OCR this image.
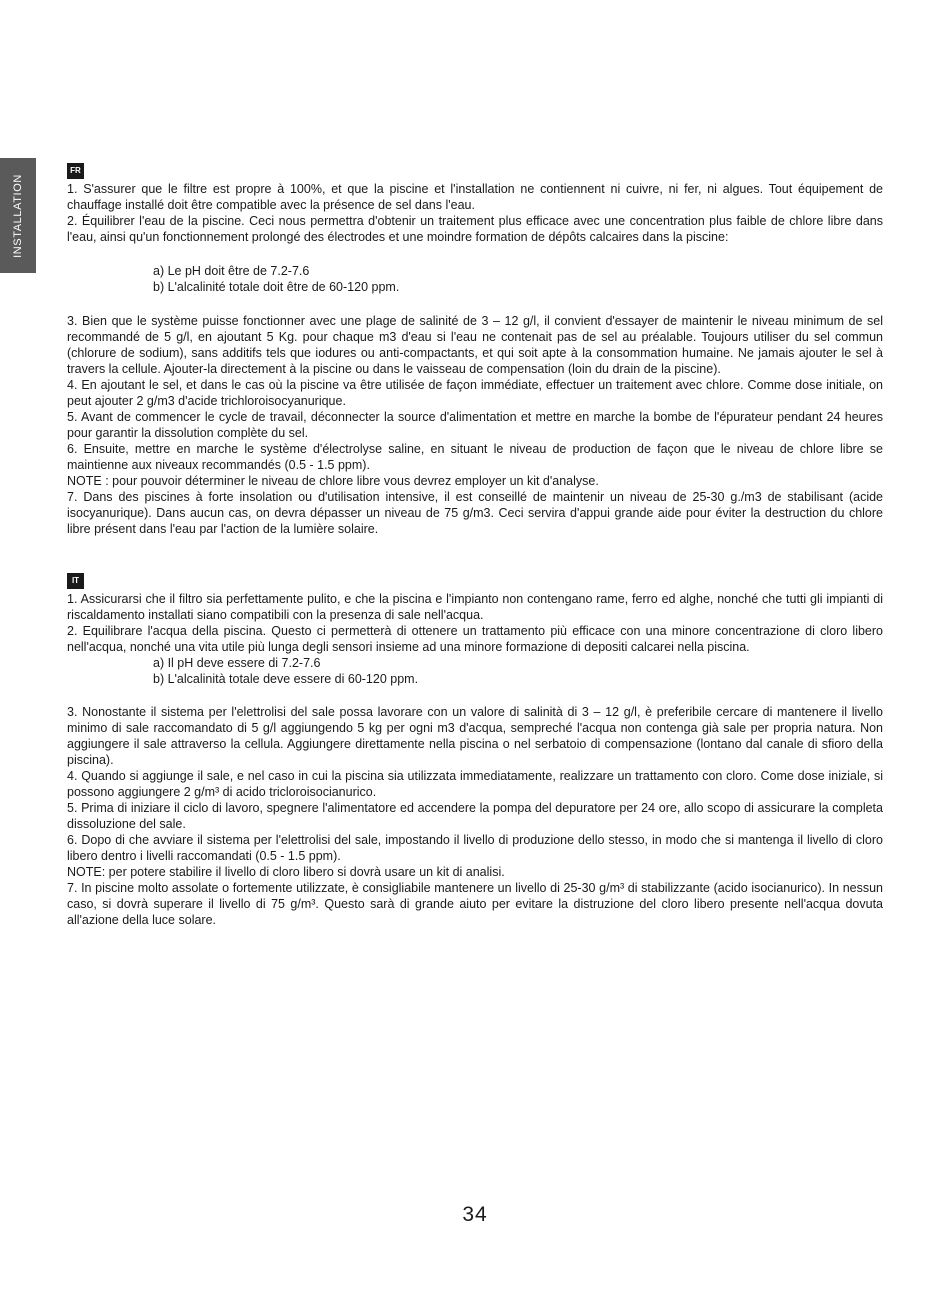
INSTALLATION
FR

1. S'assurer que le filtre est propre à 100%, et que la piscine et l'installation ne contiennent ni cuivre, ni fer, ni algues. Tout équipement de chauffage installé doit être compatible avec la présence de sel dans l'eau.

2. Équilibrer l'eau de la piscine. Ceci nous permettra d'obtenir un traitement plus efficace avec une concentration plus faible de chlore libre dans l'eau, ainsi qu'un fonctionnement prolongé des électrodes et une moindre formation de dépôts calcaires dans la piscine:

a) Le pH doit être de 7.2-7.6

b) L'alcalinité totale doit être de 60-120 ppm.

3. Bien que le système puisse fonctionner avec une plage de salinité de 3 – 12 g/l, il convient d'essayer de maintenir le niveau minimum de sel recommandé de 5 g/l, en ajoutant 5 Kg. pour chaque m3 d'eau si l'eau ne contenait pas de sel au préalable. Toujours utiliser du sel commun (chlorure de sodium), sans additifs tels que iodures ou anti-compactants, et qui soit apte à la consommation humaine. Ne jamais ajouter le sel à travers la cellule. Ajouter-la directement à la piscine ou dans le vaisseau de compensation (loin du drain de la piscine).

4. En ajoutant le sel, et dans le cas où la piscine va être utilisée de façon immédiate, effectuer un traitement avec chlore. Comme dose initiale, on peut ajouter 2 g/m3 d'acide trichloroisocyanurique.

5. Avant de commencer le cycle de travail, déconnecter la source d'alimentation et mettre en marche la bombe de l'épurateur pendant 24 heures pour garantir la dissolution complète du sel.

6. Ensuite, mettre en marche le système d'électrolyse saline, en situant le niveau de production de façon que le niveau de chlore libre se maintienne aux niveaux recommandés (0.5 - 1.5 ppm).

NOTE : pour pouvoir déterminer le niveau de chlore libre vous devrez employer un kit d'analyse.

7. Dans des piscines à forte insolation ou d'utilisation intensive, il est conseillé de maintenir un niveau de 25-30 g./m3 de stabilisant (acide isocyanurique). Dans aucun cas, on devra dépasser un niveau de 75 g/m3. Ceci servira d'appui grande aide pour éviter la destruction du chlore libre présent dans l'eau par l'action de la lumière solaire.

IT

1. Assicurarsi che il filtro sia perfettamente pulito, e che la piscina e l'impianto non contengano rame, ferro ed alghe, nonché che tutti gli impianti di riscaldamento installati siano compatibili con la presenza di sale nell'acqua.

2. Equilibrare l'acqua della piscina. Questo ci permetterà di ottenere un trattamento più efficace con una minore concentrazione di cloro libero nell'acqua, nonché una vita utile più lunga degli sensori insieme ad una minore formazione di depositi calcarei nella piscina.

a) Il pH deve essere di 7.2-7.6

b) L'alcalinità totale deve essere di 60-120 ppm.

3. Nonostante il sistema per l'elettrolisi del sale possa lavorare con un valore di salinità di 3 – 12 g/l, è preferibile cercare di mantenere il livello minimo di sale raccomandato di 5 g/l aggiungendo 5 kg per ogni m3 d'acqua, sempreché l'acqua non contenga già sale per propria natura. Non aggiungere il sale attraverso la cellula. Aggiungere direttamente nella piscina o nel serbatoio di compensazione (lontano dal canale di sfioro della piscina).

4. Quando si aggiunge il sale, e nel caso in cui la piscina sia utilizzata immediatamente, realizzare un trattamento con cloro. Come dose iniziale, si possono aggiungere 2 g/m³ di acido tricloroisocianurico.

5. Prima di iniziare il ciclo di lavoro, spegnere l'alimentatore ed accendere la pompa del depuratore per 24 ore, allo scopo di assicurare la completa dissoluzione del sale.

6. Dopo di che avviare il sistema per l'elettrolisi del sale, impostando il livello di produzione dello stesso, in modo che si mantenga il livello di cloro libero dentro i livelli raccomandati (0.5 - 1.5 ppm).

NOTE: per potere stabilire il livello di cloro libero si dovrà usare un kit di analisi.

7. In piscine molto assolate o fortemente utilizzate, è consigliabile mantenere un livello di 25-30 g/m³ di stabilizzante (acido isocianurico). In nessun caso, si dovrà superare il livello di 75 g/m³. Questo sarà di grande aiuto per evitare la distruzione del cloro libero presente nell'acqua dovuta all'azione della luce solare.

34
